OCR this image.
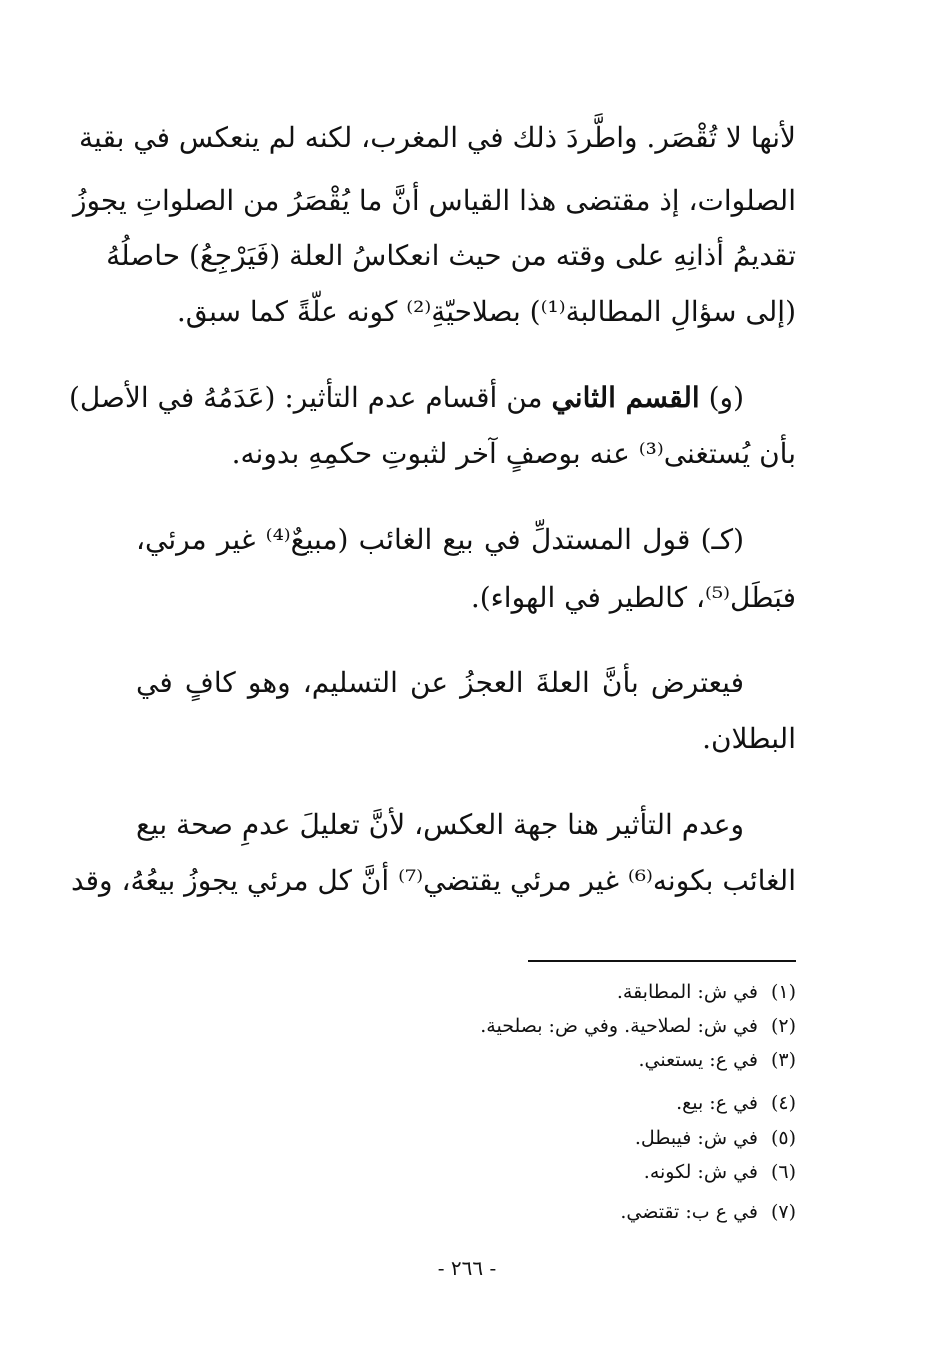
لأنها لا تُقْصَر. واطَّردَ ذلك في المغرب، لكنه لم ينعكس في بقية
الصلوات، إذ مقتضى هذا القياس أنَّ ما يُقْصَرُ من الصلواتِ يجوزُ
تقديمُ أذانِهِ على وقته من حيث انعكاسُ العلة (فَيَرْجِعُ) حاصلُهُ
(إلى سؤالِ المطالبة⁽¹⁾) بصلاحيّةِ⁽²⁾ كونه علّةً كما سبق.
(و) القسم الثاني من أقسام عدم التأثير: (عَدَمُهُ في الأصل)
بأن يُستغنى⁽³⁾ عنه بوصفٍ آخر لثبوتِ حكمِهِ بدونه.
(كـ) قول المستدلِّ في بيع الغائب (مبيعٌ⁽⁴⁾ غير مرئي،
فبَطَل⁽⁵⁾، كالطير في الهواء).
فيعترض بأنَّ العلةَ العجزُ عن التسليم، وهو كافٍ في
البطلان.
وعدم التأثير هنا جهة العكس، لأنَّ تعليلَ عدمِ صحة بيع
الغائب بكونه⁽⁶⁾ غير مرئي يقتضي⁽⁷⁾ أنَّ كل مرئي يجوزُ بيعُهُ، وقد
(١)في ش: المطابقة.
(٢)في ش: لصلاحية. وفي ض: بصلحية.
(٣)في ع: يستعني.
(٤)في ع: بيع.
(٥)في ش: فيبطل.
(٦)في ش: لكونه.
(٧)في ع ب: تقتضي.
- ٢٦٦ -
